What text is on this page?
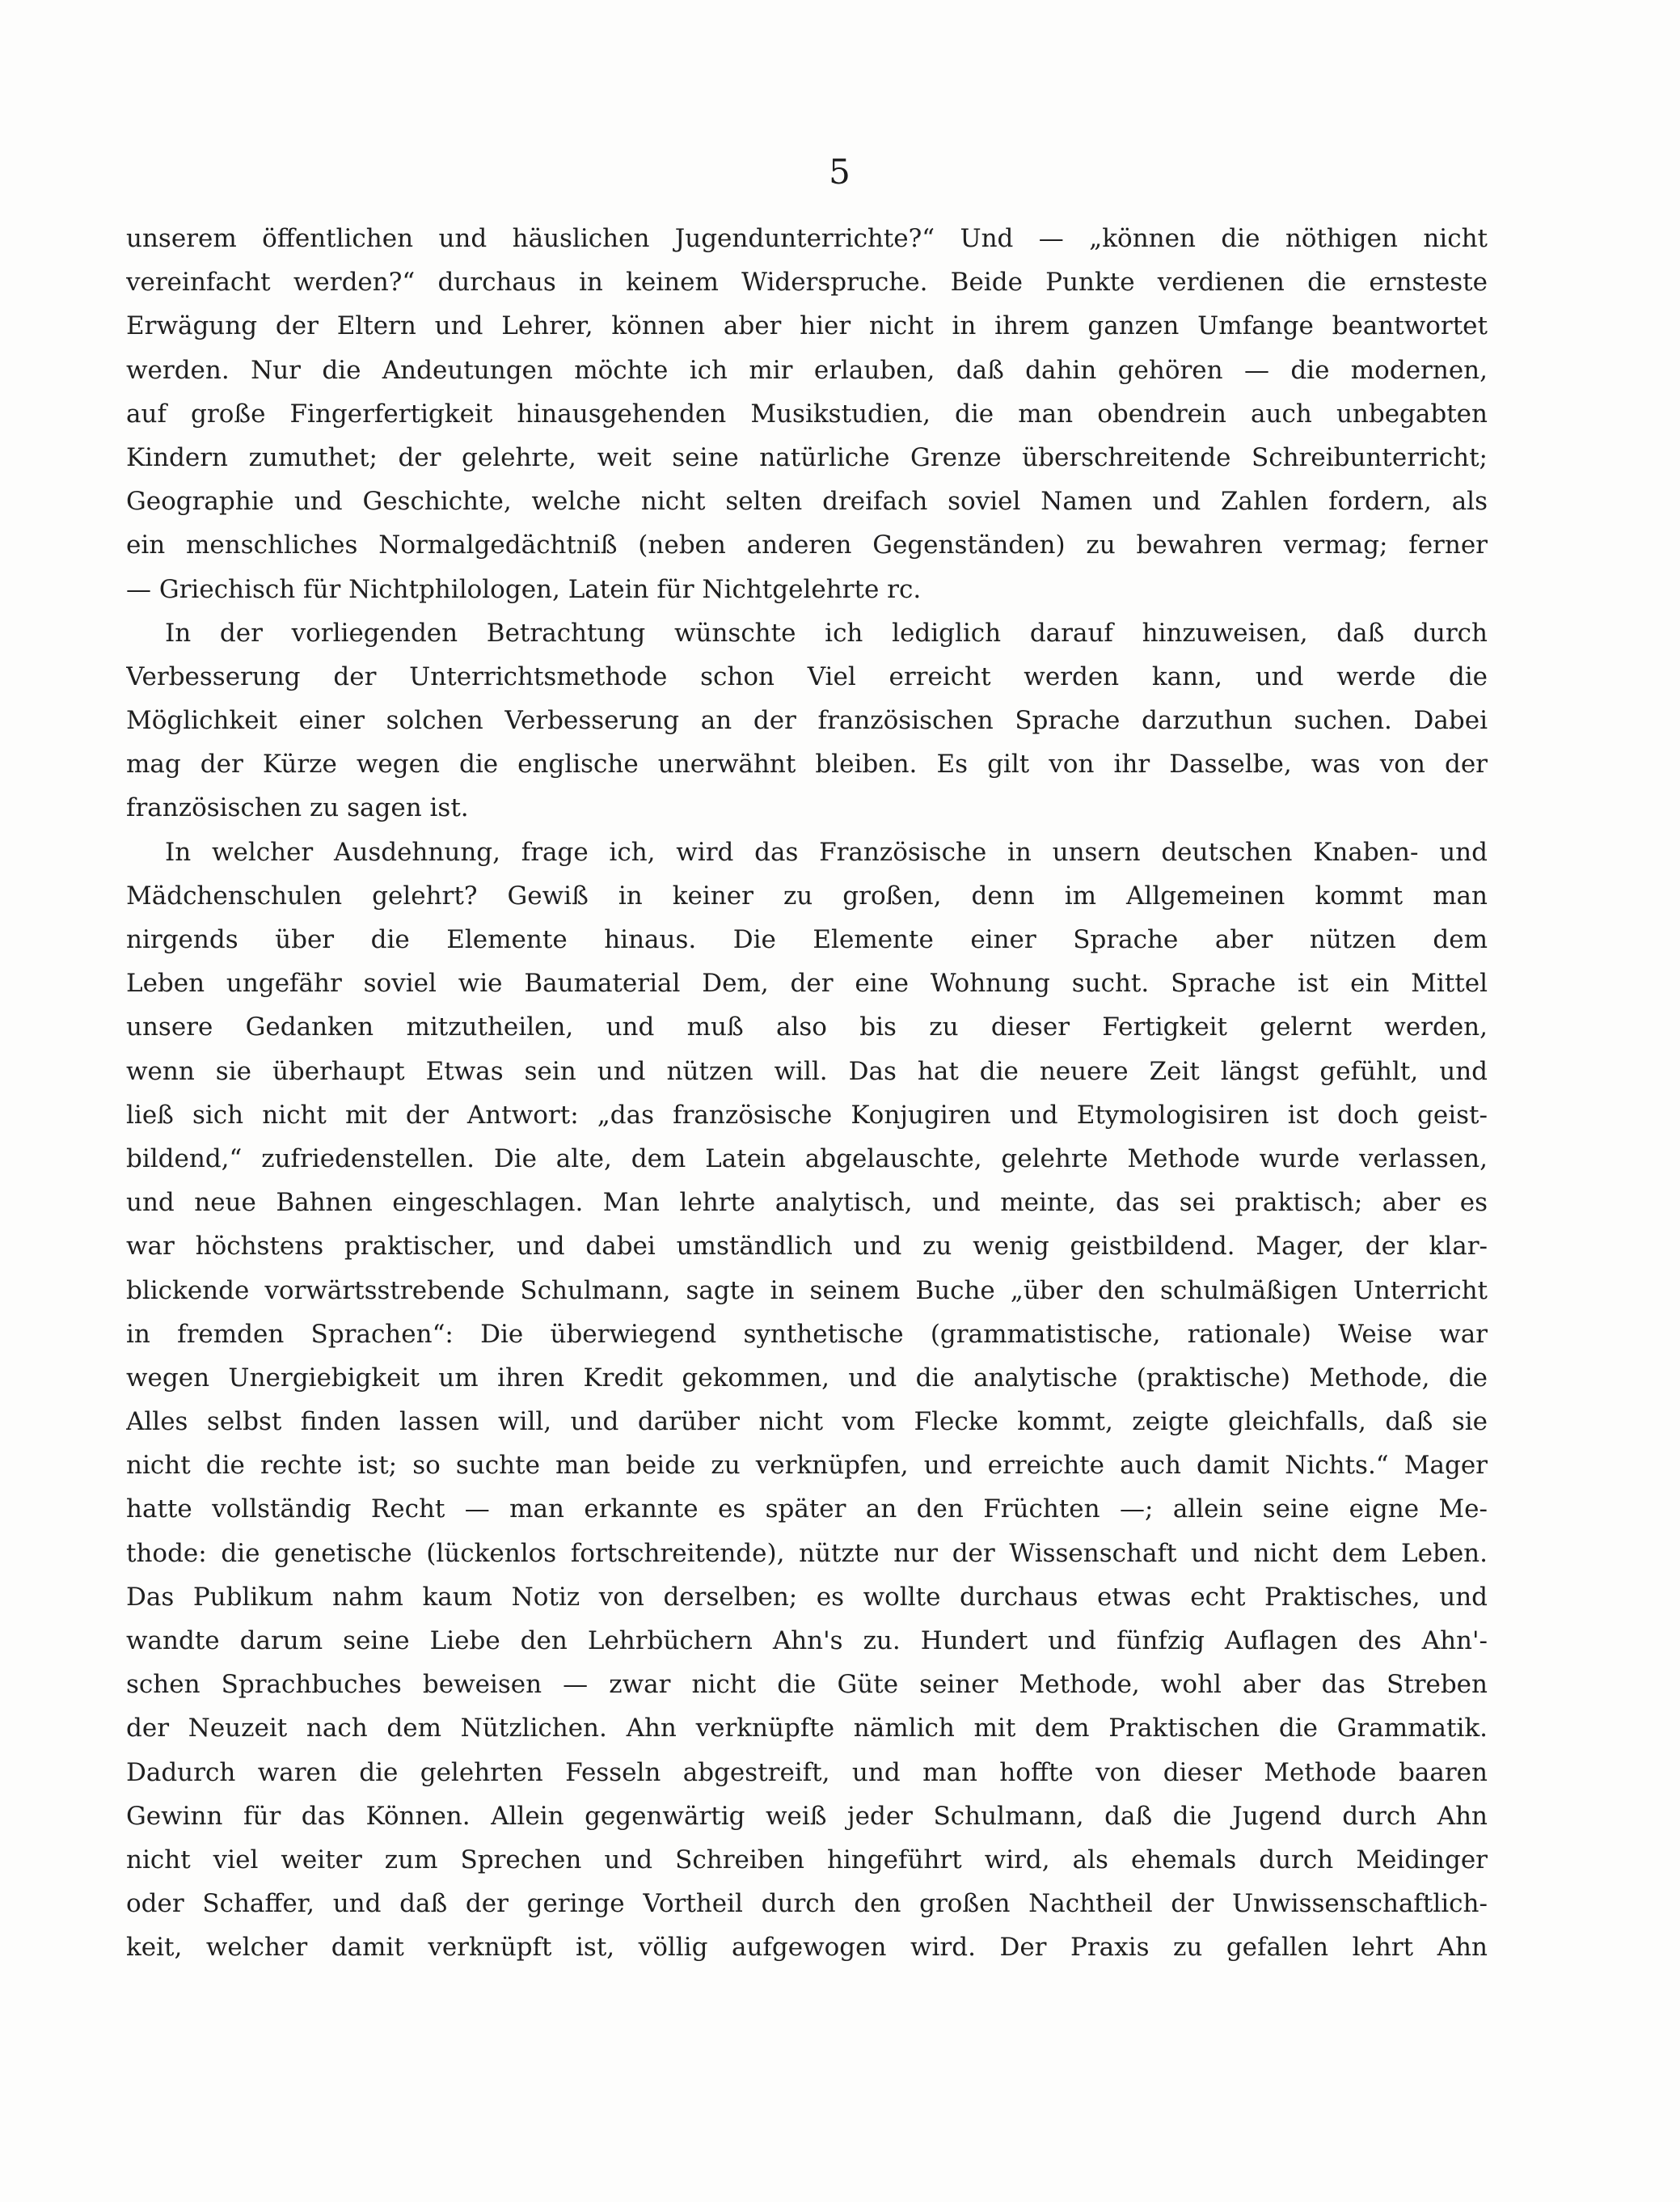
5
unserem öffentlichen und häuslichen Jugendunterrichte?“ Und — „können die nöthigen nicht
vereinfacht werden?“ durchaus in keinem Widerspruche. Beide Punkte verdienen die ernsteste
Erwägung der Eltern und Lehrer, können aber hier nicht in ihrem ganzen Umfange beantwortet
werden. Nur die Andeutungen möchte ich mir erlauben, daß dahin gehören — die modernen,
auf große Fingerfertigkeit hinausgehenden Musikstudien, die man obendrein auch unbegabten
Kindern zumuthet; der gelehrte, weit seine natürliche Grenze überschreitende Schreibunterricht;
Geographie und Geschichte, welche nicht selten dreifach soviel Namen und Zahlen fordern, als
ein menschliches Normalgedächtniß (neben anderen Gegenständen) zu bewahren vermag; ferner
— Griechisch für Nichtphilologen, Latein für Nichtgelehrte rc.
In der vorliegenden Betrachtung wünschte ich lediglich darauf hinzuweisen, daß durch
Verbesserung der Unterrichtsmethode schon Viel erreicht werden kann, und werde die
Möglichkeit einer solchen Verbesserung an der französischen Sprache darzuthun suchen. Dabei
mag der Kürze wegen die englische unerwähnt bleiben. Es gilt von ihr Dasselbe, was von der
französischen zu sagen ist.
In welcher Ausdehnung, frage ich, wird das Französische in unsern deutschen Knaben- und
Mädchenschulen gelehrt? Gewiß in keiner zu großen, denn im Allgemeinen kommt man
nirgends über die Elemente hinaus. Die Elemente einer Sprache aber nützen dem
Leben ungefähr soviel wie Baumaterial Dem, der eine Wohnung sucht. Sprache ist ein Mittel
unsere Gedanken mitzutheilen, und muß also bis zu dieser Fertigkeit gelernt werden,
wenn sie überhaupt Etwas sein und nützen will. Das hat die neuere Zeit längst gefühlt, und
ließ sich nicht mit der Antwort: „das französische Konjugiren und Etymologisiren ist doch geist-
bildend,“ zufriedenstellen. Die alte, dem Latein abgelauschte, gelehrte Methode wurde verlassen,
und neue Bahnen eingeschlagen. Man lehrte analytisch, und meinte, das sei praktisch; aber es
war höchstens praktischer, und dabei umständlich und zu wenig geistbildend. Mager, der klar-
blickende vorwärtsstrebende Schulmann, sagte in seinem Buche „über den schulmäßigen Unterricht
in fremden Sprachen“: Die überwiegend synthetische (grammatistische, rationale) Weise war
wegen Unergiebigkeit um ihren Kredit gekommen, und die analytische (praktische) Methode, die
Alles selbst finden lassen will, und darüber nicht vom Flecke kommt, zeigte gleichfalls, daß sie
nicht die rechte ist; so suchte man beide zu verknüpfen, und erreichte auch damit Nichts.“ Mager
hatte vollständig Recht — man erkannte es später an den Früchten —; allein seine eigne Me-
thode: die genetische (lückenlos fortschreitende), nützte nur der Wissenschaft und nicht dem Leben.
Das Publikum nahm kaum Notiz von derselben; es wollte durchaus etwas echt Praktisches, und
wandte darum seine Liebe den Lehrbüchern Ahn's zu. Hundert und fünfzig Auflagen des Ahn'-
schen Sprachbuches beweisen — zwar nicht die Güte seiner Methode, wohl aber das Streben
der Neuzeit nach dem Nützlichen. Ahn verknüpfte nämlich mit dem Praktischen die Grammatik.
Dadurch waren die gelehrten Fesseln abgestreift, und man hoffte von dieser Methode baaren
Gewinn für das Können. Allein gegenwärtig weiß jeder Schulmann, daß die Jugend durch Ahn
nicht viel weiter zum Sprechen und Schreiben hingeführt wird, als ehemals durch Meidinger
oder Schaffer, und daß der geringe Vortheil durch den großen Nachtheil der Unwissenschaftlich-
keit, welcher damit verknüpft ist, völlig aufgewogen wird. Der Praxis zu gefallen lehrt Ahn
